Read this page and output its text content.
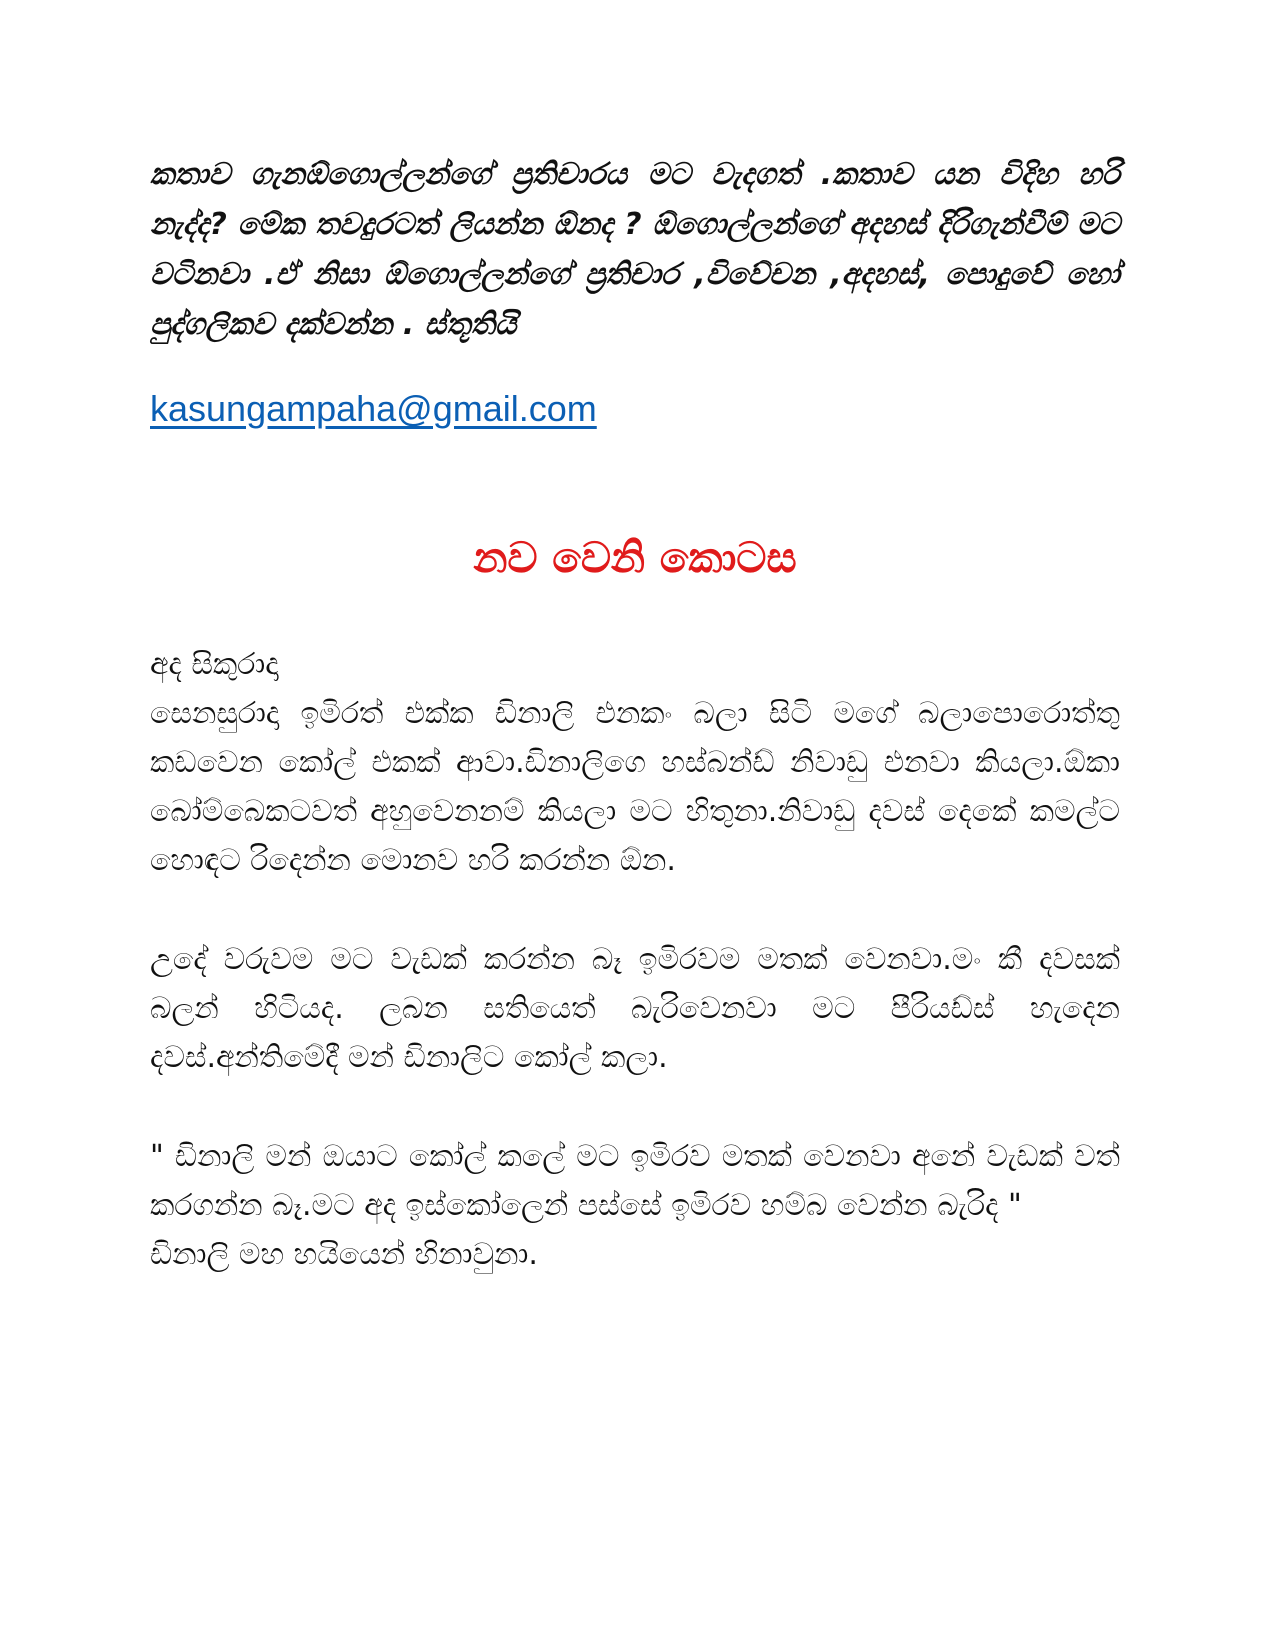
කතාව ගැනඕගොල්ලන්ගේ ප්‍රතිචාරය මට වැදගත් .කතාව යන විදිහ හරි නැද්ද? මේක තවදුරටත් ලියන්න ඕනද ? ඕගොල්ලන්ගේ අදහස් දිරිගැන්වීම් මට වටිනවා .ඒ නිසා ඕගොල්ලන්ගේ ප්‍රතිචාර ,විවේචන ,අදහස්, පොදුවේ හෝ පුද්ගලිකව දක්වන්න . ස්තූතියි

kasungampaha@gmail.com
නව වෙනි කොටස
අද සිකුරාදා

සෙනසුරාදා ඉමිරත් එක්ක ඩිනාලි එනකං බලා සිටි මගේ බලාපොරොත්තු කඩවෙන කෝල් එකක් ආවා.ඩිනාලිගෙ හස්බන්ඩ් නිවාඩු එනවා කියලා.ඕකා බෝම්බෙකටවත් අහුවෙනනම් කියලා මට හිතුනා.නිවාඩු දවස් දෙකේ කමල්ට හොඳට රිදෙන්න මොනව හරි කරන්න ඕන.

උදේ වරුවම මට වැඩක් කරන්න බෑ ඉමිරවම මතක් වෙනවා.මං කී දවසක් බලන් හිටියද. ලබන සතියෙත් බැරිවෙනවා මට පීරියඩ්ස් හැදෙන දවස්.අන්තිමේදී මන් ඩිනාලිට කෝල් කලා.

" ඩිනාලි මන් ඔයාට කෝල් කලේ මට ඉමිරව මතක් වෙනවා අනේ වැඩක් වත් කරගන්න බෑ.මට අද ඉස්කෝලෙන් පස්සේ ඉමිරව හම්බ වෙන්න බැරිද "

ඩිනාලි මහ හයියෙන් හිනාවුනා.
